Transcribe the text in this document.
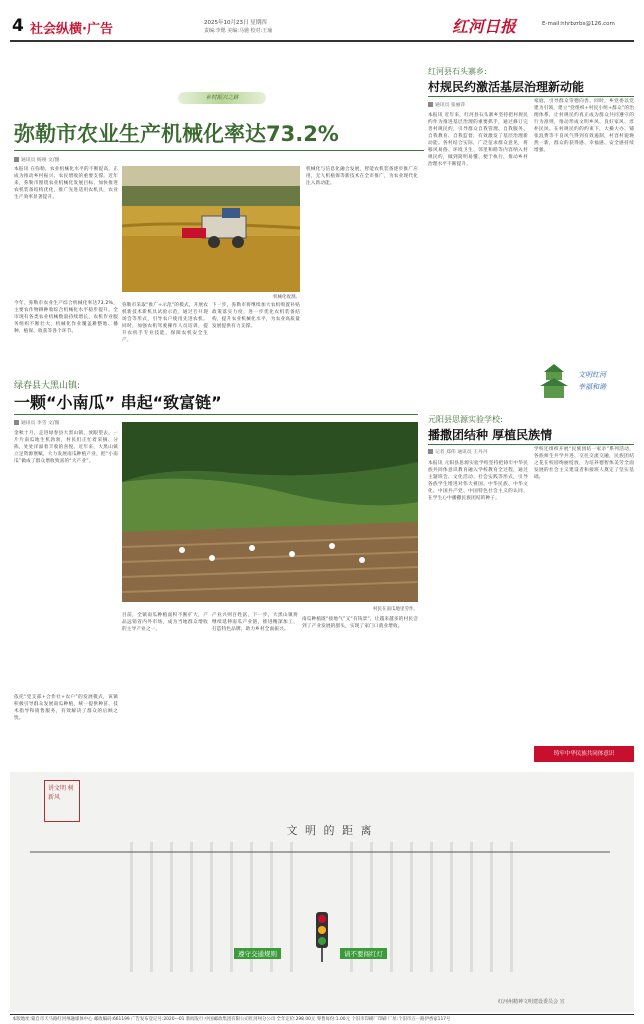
4 社会纵横·广告	2025年10月23日 星期四
责编:李偲 美编:马驰 校对:王瑜	红河日报	E-mail:hhrbzrbs@126.com
乡村振兴之路
弥勒市农业生产机械化率达73.2%
通讯员 杨俊 文/图
本报讯 在弥勒，农业机械化水平的不断提高，正成为推动乡村振兴、农民增收的重要支撑。近年来，弥勒市围绕农业机械化发展目标，加快推进农机装备结构优化，推广先进适用农机具，农业生产效率显著提升。
机械化收割。
今年，弥勒市农业生产综合机械化率达73.2%，主要农作物耕种收综合机械化水平稳步提升。全市现有各类农业机械数量持续增长，农机作业服务组织不断壮大，机械化作业覆盖耕整地、播种、植保、收获等各个环节。
弥勒市采取“推广+示范”的模式，开展农机新技术新机具试验示范，通过召开现场会等形式，引导农户使用先进农机。同时，加强农机驾驶操作人员培训，提升农机手专业技能，保障农机安全生产。
下一步，弥勒市将继续加大农机购置补贴政策落实力度，进一步优化农机装备结构，提升农业机械化水平，为农业高质量发展提供有力支撑。
机械化与信息化融合发展，智能农机装备逐步推广应用，无人机植保等新技术在全市推广，为农业现代化注入新动能。
红河县石头寨乡:
村规民约激活基层治理新动能
通讯员 张丽萍
本报讯 近年来，红河县石头寨乡坚持把村规民约作为推进基层治理的重要抓手，通过修订完善村规民约，引导群众自我管理、自我服务、自我教育、自我监督，有效激发了基层治理新动能。各村结合实际，广泛征求群众意见，将移风易俗、环境卫生、邻里和睦等内容纳入村规民约，做到简明易懂、便于执行，推动乡村治理水平不断提升。
家庭，引导群众崇德向善。同时，乡党委以党建为引领，建立“党组织+村民小组+群众”的治理体系，让村规民约真正成为群众共同遵守的行为准则，推动形成文明乡风、良好家风、淳朴民风。在村规民约的约束下，大操大办、铺张浪费等不良风气得到有效遏制，村容村貌焕然一新，群众的获得感、幸福感、安全感持续增强。
文明红河
幸福和谐
绿春县大黑山镇:
一颗“小南瓜” 串起“致富链”
通讯员 李雪 文/图
金秋十月，走进绿春县大黑山镇，放眼望去，一片片南瓜地生机勃勃，村民们正忙着采摘、分拣，处处洋溢着丰收的喜悦。近年来，大黑山镇立足资源禀赋，大力发展南瓜种植产业，把“小南瓜”做成了群众增收致富的“大产业”。
村民在南瓜地里劳作。
依托“党支部+合作社+农户”的发展模式，该镇积极引导群众发展南瓜种植，统一提供种苗、技术指导和销售服务，有效解决了群众的后顾之忧。
目前，全镇南瓜种植面积不断扩大，产品远销省内外市场，成为当地群众增收的主导产业之一。
产业兴则百姓富，下一步，大黑山镇将继续延伸南瓜产业链，推进精深加工，打造特色品牌，助力乡村全面振兴。
南瓜种植既“接地气”又“有钱景”，让越来越多的村民尝到了产业发展的甜头，实现了家门口就业增收。
元阳县思源实验学校:
播撒团结种 厚植民族情
记者 郑伟 通讯员 王丹丹
本报讯 元阳县思源实验学校坚持把铸牢中华民族共同体意识教育融入学校教育全过程，通过主题班会、文化活动、社会实践等形式，引导各族学生增进对伟大祖国、中华民族、中华文化、中国共产党、中国特色社会主义的认同，在学生心中播撒民族团结的种子。
学校还组织开展“民族团结一家亲”系列活动，各族师生共学共进、交往交流交融，民族团结之花在校园绚丽绽放，为培养德智体美劳全面发展的社会主义建设者和接班人奠定了坚实基础。
铸牢中华民族共同体意识
讲文明 树新风
文 明 的 距 离
遵守交通规则	请不要闯红灯
红河州精神文明建设委员会 宣
本版地址:蒙自市天马路红河州融媒体中心 邮政编码:661199 广告发布登记号:2020—01 新闻发行:中国邮政集团有限公司红河州分公司 全年定价:298.00元 零售每份:1.00元 个旧市印刷厂印刷 厂址:个旧市五一路伊香家117号
